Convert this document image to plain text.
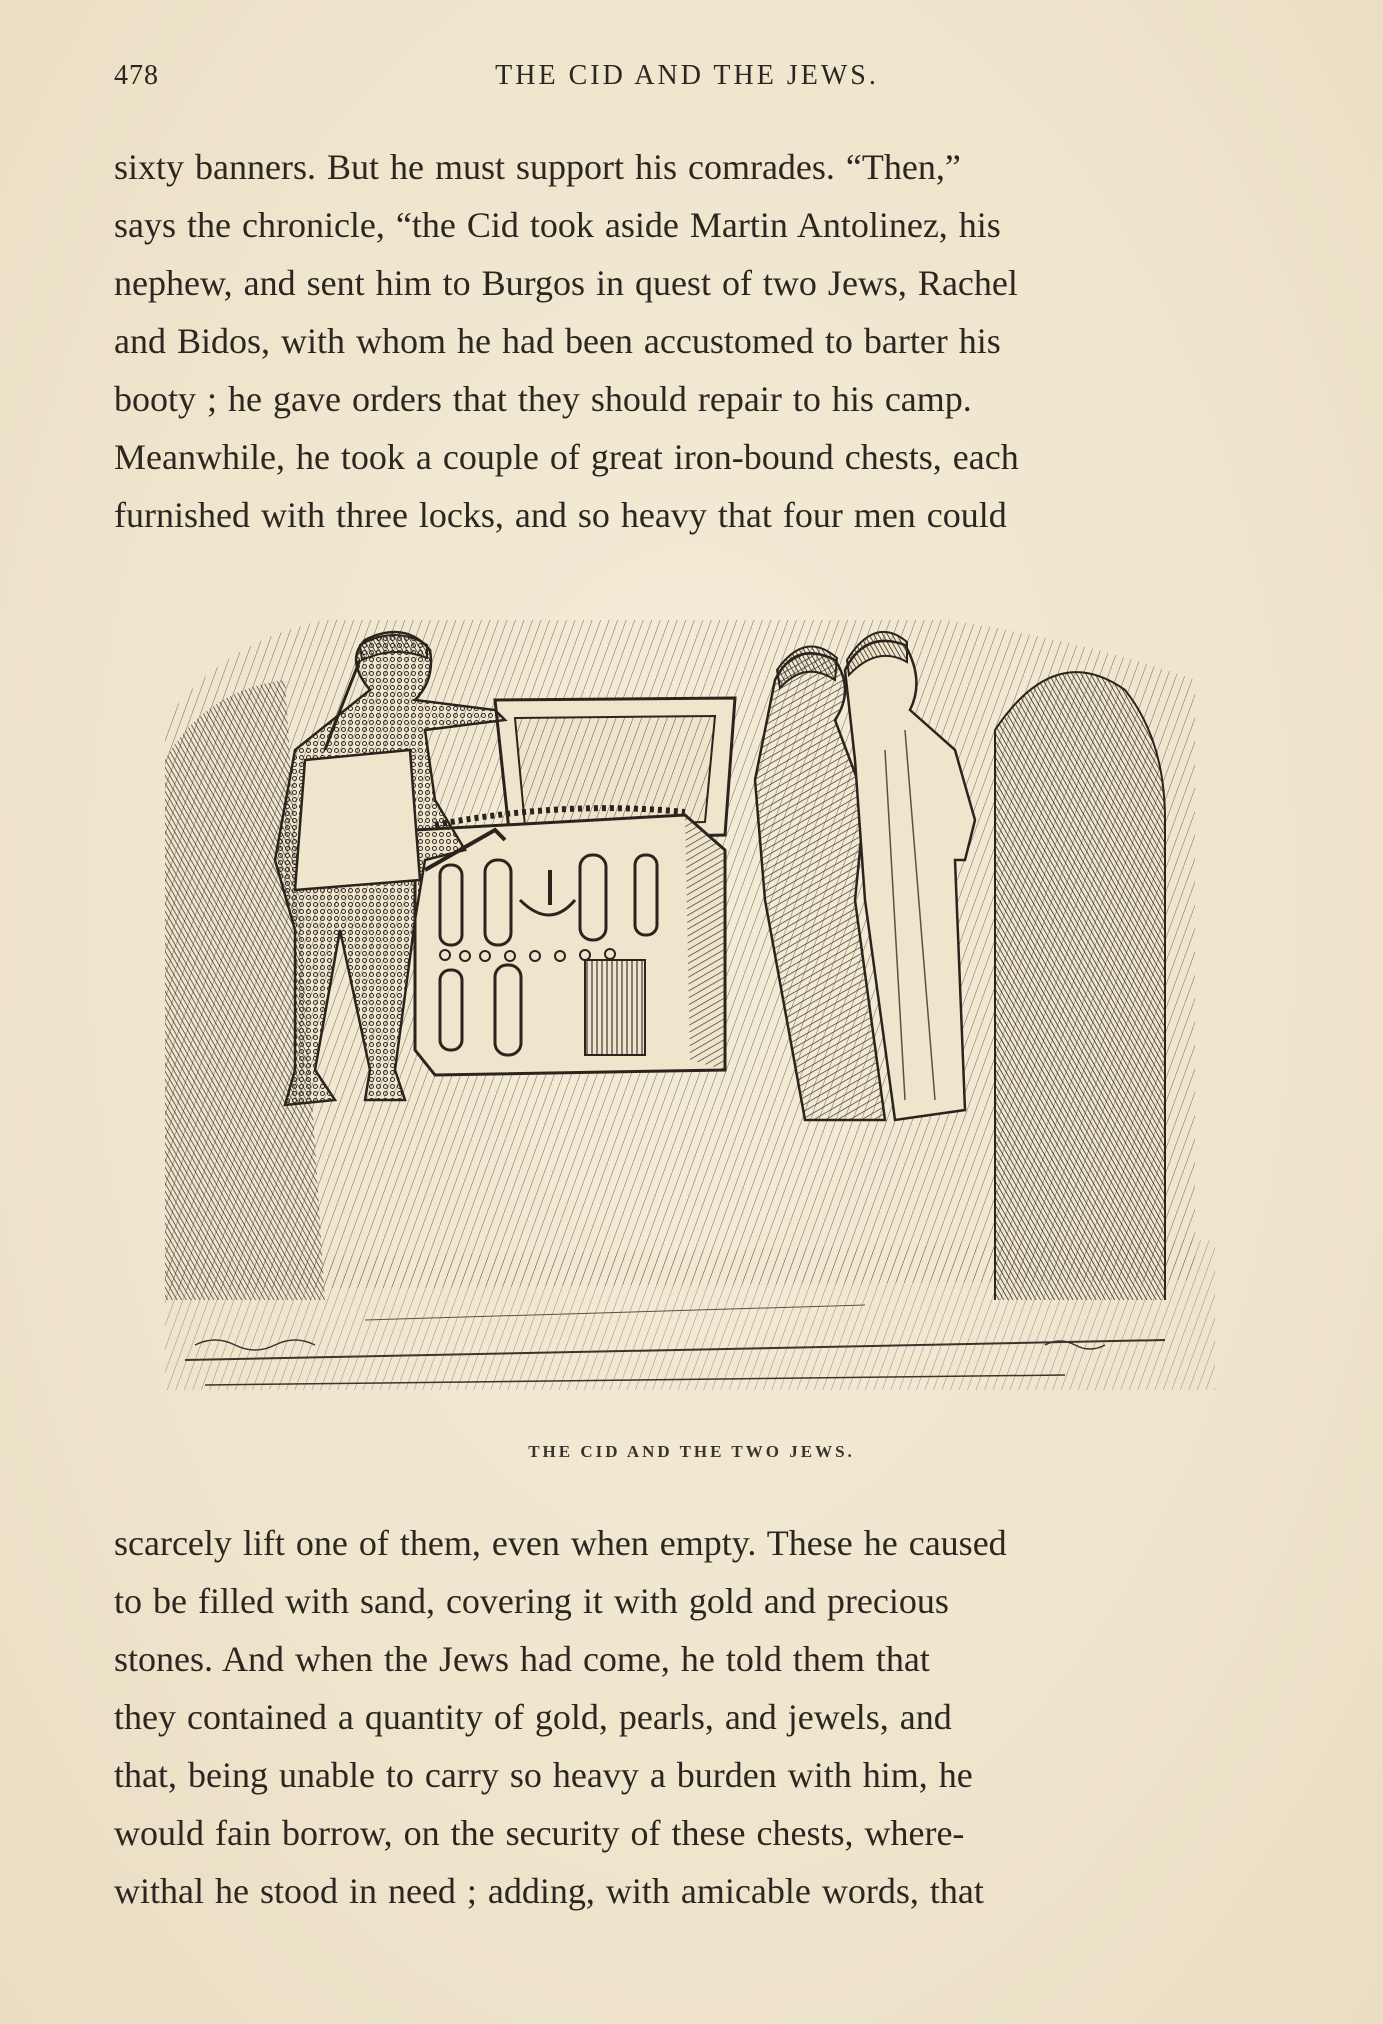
478	THE CID AND THE JEWS.
sixty banners. But he must support his comrades. “Then,”
says the chronicle, “the Cid took aside Martin Antolinez, his
nephew, and sent him to Burgos in quest of two Jews, Rachel
and Bidos, with whom he had been accustomed to barter his
booty ; he gave orders that they should repair to his camp.
Meanwhile, he took a couple of great iron-bound chests, each
furnished with three locks, and so heavy that four men could
THE CID AND THE TWO JEWS.
scarcely lift one of them, even when empty. These he caused
to be filled with sand, covering it with gold and precious
stones. And when the Jews had come, he told them that
they contained a quantity of gold, pearls, and jewels, and
that, being unable to carry so heavy a burden with him, he
would fain borrow, on the security of these chests, where-
withal he stood in need ; adding, with amicable words, that
